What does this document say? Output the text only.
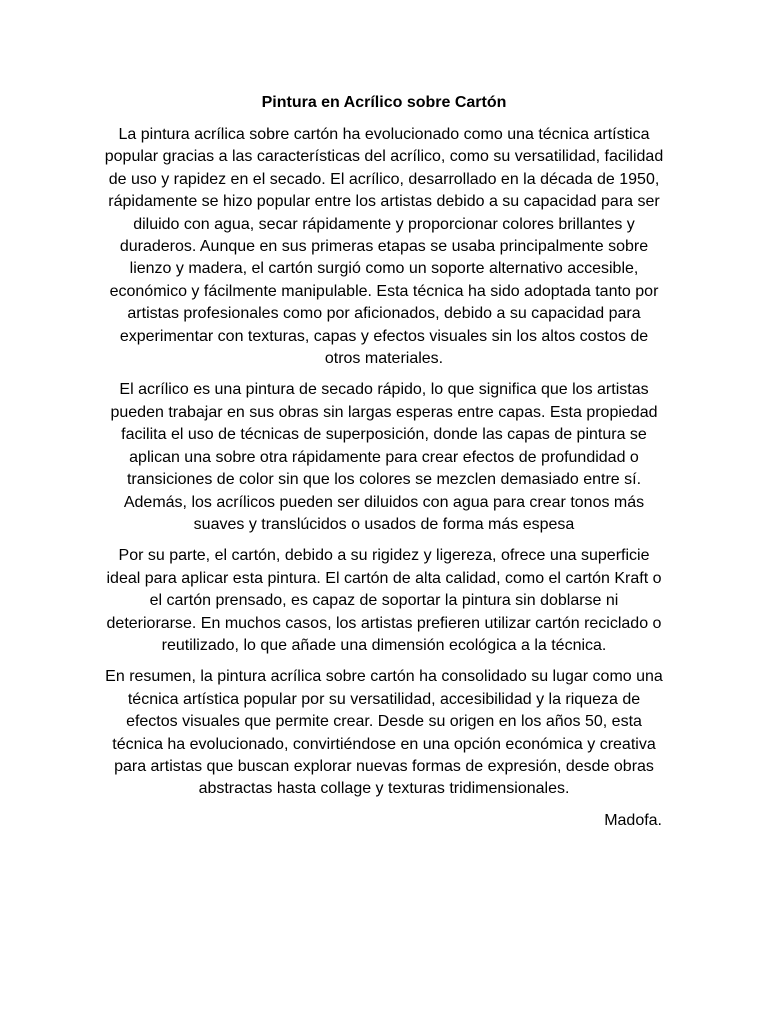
Pintura en Acrílico sobre Cartón

La pintura acrílica sobre cartón ha evolucionado como una técnica artística popular gracias a las características del acrílico, como su versatilidad, facilidad de uso y rapidez en el secado. El acrílico, desarrollado en la década de 1950, rápidamente se hizo popular entre los artistas debido a su capacidad para ser diluido con agua, secar rápidamente y proporcionar colores brillantes y duraderos. Aunque en sus primeras etapas se usaba principalmente sobre lienzo y madera, el cartón surgió como un soporte alternativo accesible, económico y fácilmente manipulable. Esta técnica ha sido adoptada tanto por artistas profesionales como por aficionados, debido a su capacidad para experimentar con texturas, capas y efectos visuales sin los altos costos de otros materiales.

El acrílico es una pintura de secado rápido, lo que significa que los artistas pueden trabajar en sus obras sin largas esperas entre capas. Esta propiedad facilita el uso de técnicas de superposición, donde las capas de pintura se aplican una sobre otra rápidamente para crear efectos de profundidad o transiciones de color sin que los colores se mezclen demasiado entre sí. Además, los acrílicos pueden ser diluidos con agua para crear tonos más suaves y translúcidos o usados de forma más espesa

Por su parte, el cartón, debido a su rigidez y ligereza, ofrece una superficie ideal para aplicar esta pintura. El cartón de alta calidad, como el cartón Kraft o el cartón prensado, es capaz de soportar la pintura sin doblarse ni deteriorarse. En muchos casos, los artistas prefieren utilizar cartón reciclado o reutilizado, lo que añade una dimensión ecológica a la técnica.

En resumen, la pintura acrílica sobre cartón ha consolidado su lugar como una técnica artística popular por su versatilidad, accesibilidad y la riqueza de efectos visuales que permite crear. Desde su origen en los años 50, esta técnica ha evolucionado, convirtiéndose en una opción económica y creativa para artistas que buscan explorar nuevas formas de expresión, desde obras abstractas hasta collage y texturas tridimensionales.

Madofa.
